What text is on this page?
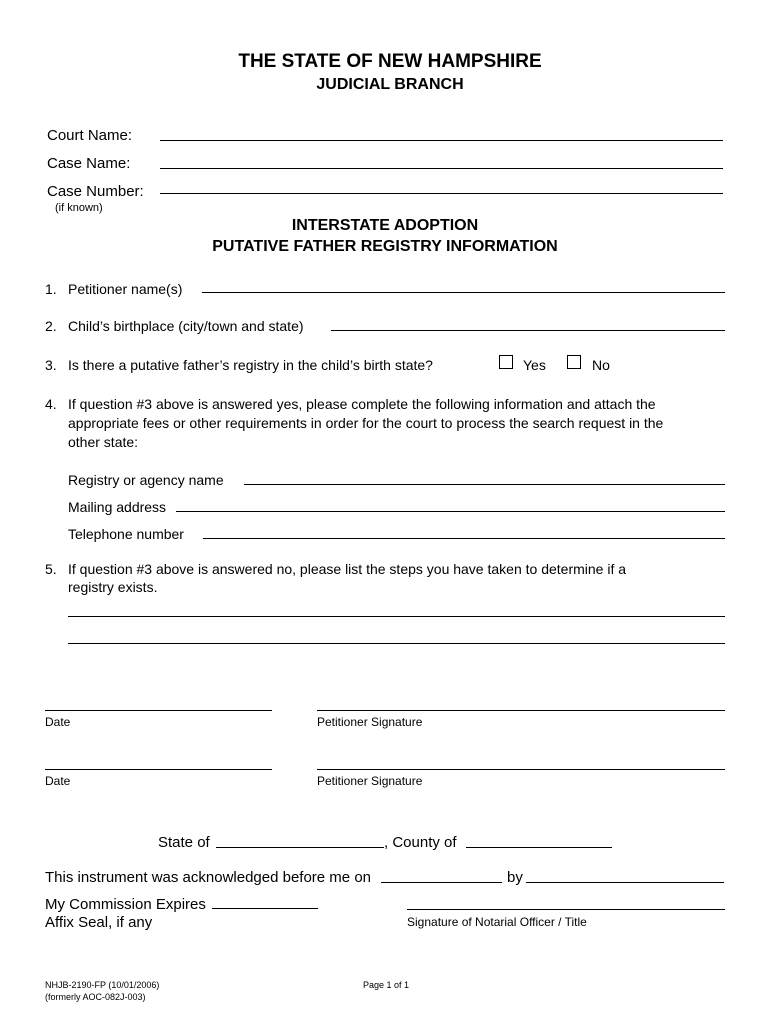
THE STATE OF NEW HAMPSHIRE
JUDICIAL BRANCH
Court Name:
Case Name:
Case Number:
(if known)
INTERSTATE ADOPTION
PUTATIVE FATHER REGISTRY INFORMATION
1. Petitioner name(s)
2. Child’s birthplace (city/town and state)
3. Is there a putative father’s registry in the child’s birth state?	Yes	No
4. If question #3 above is answered yes, please complete the following information and attach the
appropriate fees or other requirements in order for the court to process the search request in the
other state:
Registry or agency name
Mailing address
Telephone number
5. If question #3 above is answered no, please list the steps you have taken to determine if a
registry exists.
Date	Petitioner Signature
Date	Petitioner Signature
State of	, County of
This instrument was acknowledged before me on	by
My Commission Expires
Affix Seal, if any	Signature of Notarial Officer / Title
NHJB-2190-FP (10/01/2006)
(formerly AOC-082J-003)
Page 1 of 1
